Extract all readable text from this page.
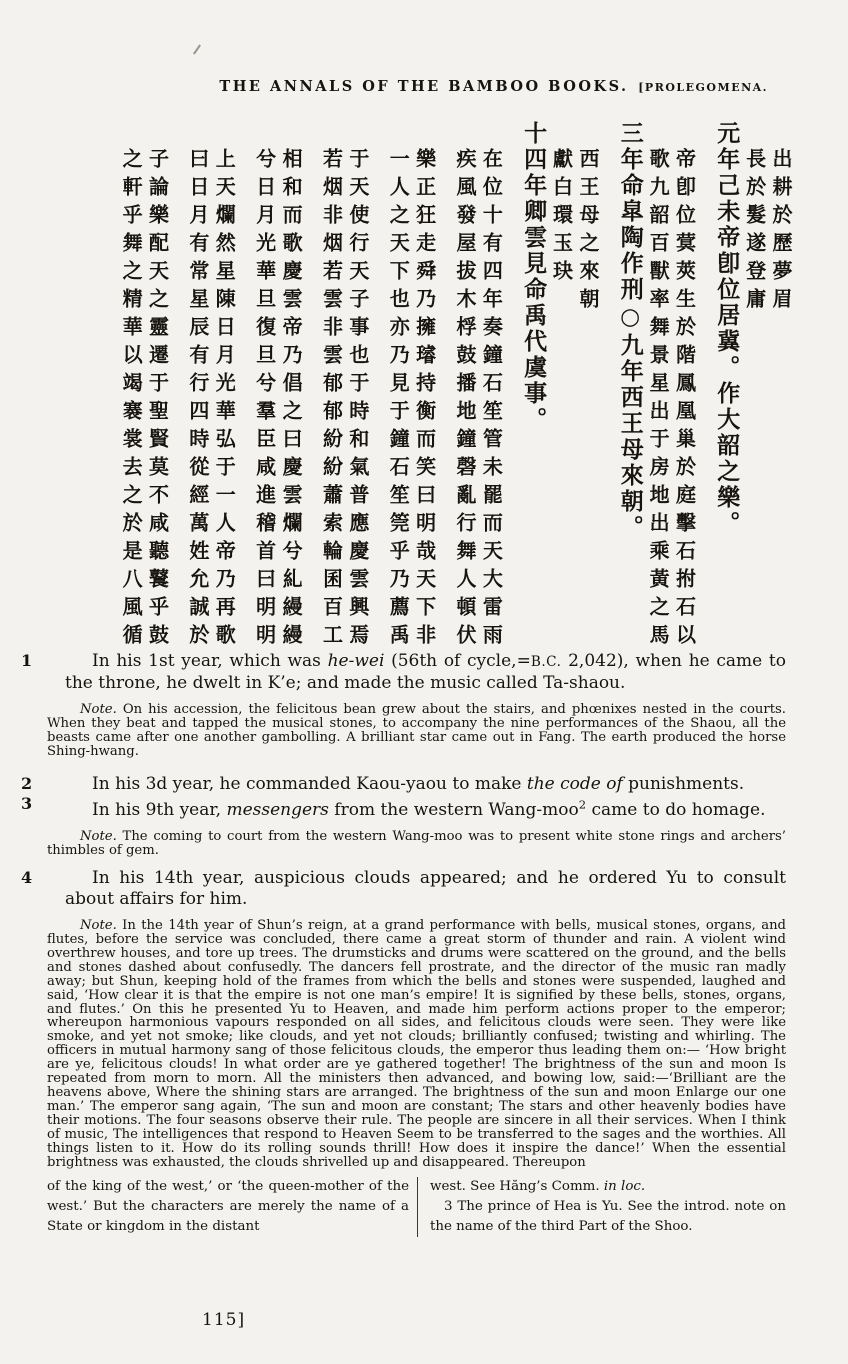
THE ANNALS OF THE BAMBOO BOOKS. [PROLEGOMENA.
出耕於歷夢眉
長於髮遂登庸
元年己未帝卽位居冀。作大韶之樂。
帝卽位蓂莢生於階鳳凰巢於庭擊石拊石以
歌九韶百獸率舞景星出于房地出乘黃之馬
三年命皐陶作刑○九年西王母來朝。
西王母之來朝
獻白環玉玦
十四年卿雲見命禹代虞事。
在位十有四年奏鐘石笙管未罷而天大雷雨
疾風發屋拔木桴鼓播地鐘磬亂行舞人頓伏
樂正狂走舜乃擁璿持衡而笑曰明哉天下非
一人之天下也亦乃見于鐘石笙筦乎乃薦禹
于天使行天子事也于時和氣普應慶雲興焉
若烟非烟若雲非雲郁郁紛紛蕭索輪囷百工
相和而歌慶雲帝乃倡之曰慶雲爛兮糺縵縵
兮日月光華旦復旦兮羣臣咸進稽首曰明明
上天爛然星陳日月光華弘于一人帝乃再歌
曰日月有常星辰有行四時從經萬姓允誠於
子論樂配天之靈遷于聖賢莫不咸聽鼚乎鼓
之軒乎舞之精華以竭褰裳去之於是八風循

1	In his 1st year, which was he-wei (56th of cycle,=B.C. 2,042), when he came to the throne, he dwelt in K’e; and made the music called Ta-shaou.

Note. On his accession, the felicitous bean grew about the stairs, and phœnixes nested in the courts. When they beat and tapped the musical stones, to accompany the nine performances of the Shaou, all the beasts came after one another gambolling. A brilliant star came out in Fang. The earth produced the horse Shing-hwang.

2	In his 3d year, he commanded Kaou-yaou to make the code of punishments.

3	In his 9th year, messengers from the western Wang-moo$^2$ came to do homage.

Note. The coming to court from the western Wang-moo was to present white stone rings and archers’ thimbles of gem.

4	In his 14th year, auspicious clouds appeared; and he ordered Yu to consult about affairs for him.

Note. In the 14th year of Shun’s reign, at a grand performance with bells, musical stones, organs, and flutes, before the service was concluded, there came a great storm of thunder and rain. A violent wind overthrew houses, and tore up trees. The drumsticks and drums were scattered on the ground, and the bells and stones dashed about confusedly. The dancers fell prostrate, and the director of the music ran madly away; but Shun, keeping hold of the frames from which the bells and stones were suspended, laughed and said, ‘How clear it is that the empire is not one man’s empire! It is signified by these bells, stones, organs, and flutes.’ On this he presented Yu to Heaven, and made him perform actions proper to the emperor; whereupon harmonious vapours responded on all sides, and felicitous clouds were seen. They were like smoke, and yet not smoke; like clouds, and yet not clouds; brilliantly confused; twisting and whirling. The officers in mutual harmony sang of those felicitous clouds, the emperor thus leading them on:— ‘How bright are ye, felicitous clouds! In what order are ye gathered together! The brightness of the sun and moon Is repeated from morn to morn. All the ministers then advanced, and bowing low, said:—‘Brilliant are the heavens above, Where the shining stars are arranged. The brightness of the sun and moon Enlarge our one man.’ The emperor sang again, ‘The sun and moon are constant; The stars and other heavenly bodies have their motions. The four seasons observe their rule. The people are sincere in all their services. When I think of music, The intelligences that respond to Heaven Seem to be transferred to the sages and the worthies. All things listen to it. How do its rolling sounds thrill! How does it inspire the dance!’ When the essential brightness was exhausted, the clouds shrivelled up and disappeared. Thereupon

of the king of the west,’ or ‘the queen-mother of the west.’ But the characters are merely the name of a State or kingdom in the distant

west. See Hăng’s Comm. in loc.

3 The prince of Hea is Yu. See the introd. note on the name of the third Part of the Shoo.

115]
